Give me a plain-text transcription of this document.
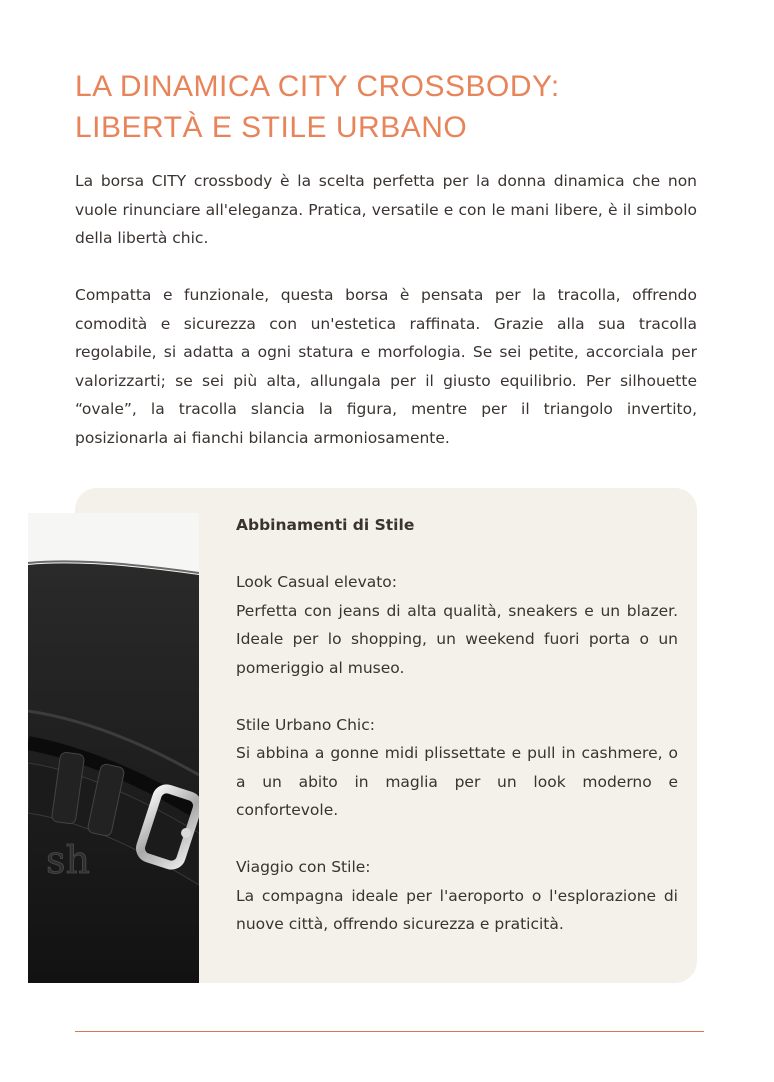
LA DINAMICA CITY CROSSBODY:
LIBERTÀ E STILE URBANO

La borsa CITY crossbody è la scelta perfetta per la donna dinamica che non vuole rinunciare all'eleganza. Pratica, versatile e con le mani libere, è il simbolo della libertà chic.

Compatta e funzionale, questa borsa è pensata per la tracolla, offrendo comodità e sicurezza con un'estetica raffinata. Grazie alla sua tracolla regolabile, si adatta a ogni statura e morfologia. Se sei petite, accorciala per valorizzarti; se sei più alta, allungala per il giusto equilibrio. Per silhouette “ovale”, la tracolla slancia la figura, mentre per il triangolo invertito, posizionarla ai fianchi bilancia armoniosamente.

sh
Abbinamenti di Stile
Look Casual elevato:
Perfetta con jeans di alta qualità, sneakers e un blazer. Ideale per lo shopping, un weekend fuori porta o un pomeriggio al museo.
Stile Urbano Chic:
Si abbina a gonne midi plissettate e pull in cashmere, o a un abito in maglia per un look moderno e confortevole.
Viaggio con Stile:
La compagna ideale per l'aeroporto o l'esplorazione di nuove città, offrendo sicurezza e praticità.
